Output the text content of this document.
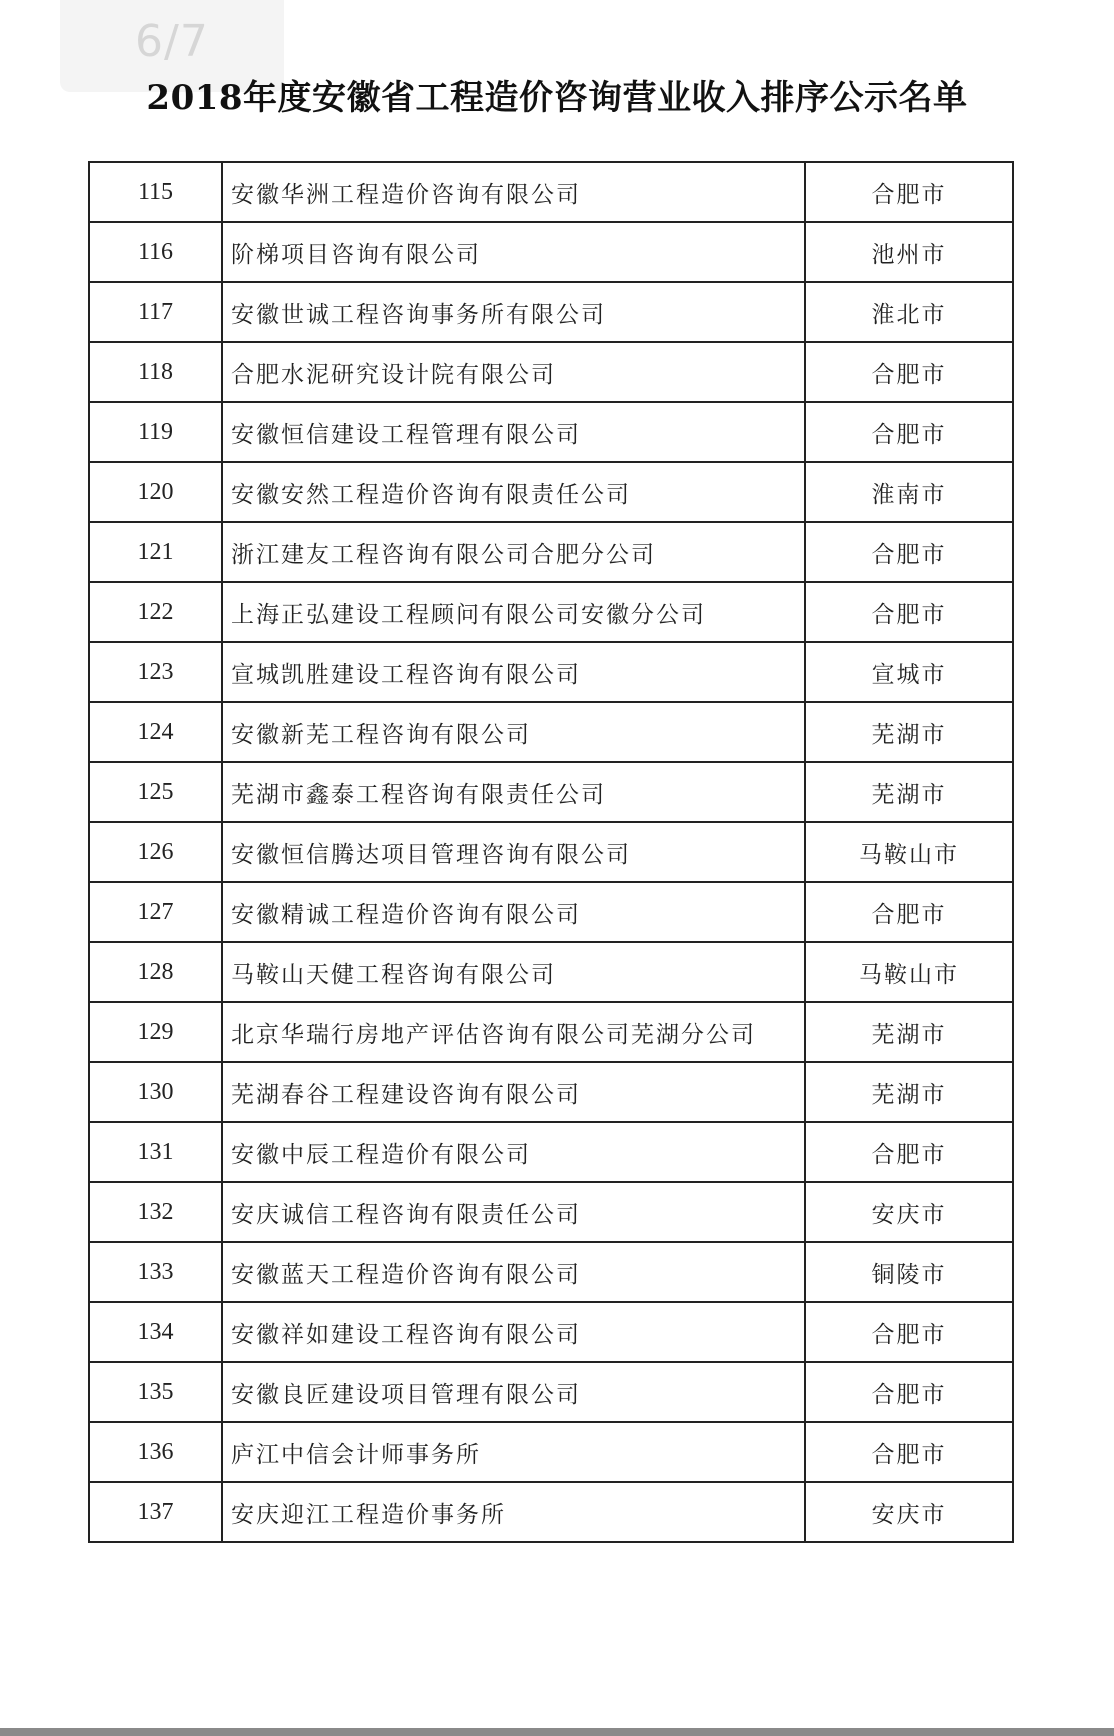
6/7
2018年度安徽省工程造价咨询营业收入排序公示名单
115	安徽华洲工程造价咨询有限公司	合肥市
116	阶梯项目咨询有限公司	池州市
117	安徽世诚工程咨询事务所有限公司	淮北市
118	合肥水泥研究设计院有限公司	合肥市
119	安徽恒信建设工程管理有限公司	合肥市
120	安徽安然工程造价咨询有限责任公司	淮南市
121	浙江建友工程咨询有限公司合肥分公司	合肥市
122	上海正弘建设工程顾问有限公司安徽分公司	合肥市
123	宣城凯胜建设工程咨询有限公司	宣城市
124	安徽新芜工程咨询有限公司	芜湖市
125	芜湖市鑫泰工程咨询有限责任公司	芜湖市
126	安徽恒信腾达项目管理咨询有限公司	马鞍山市
127	安徽精诚工程造价咨询有限公司	合肥市
128	马鞍山天健工程咨询有限公司	马鞍山市
129	北京华瑞行房地产评估咨询有限公司芜湖分公司	芜湖市
130	芜湖春谷工程建设咨询有限公司	芜湖市
131	安徽中辰工程造价有限公司	合肥市
132	安庆诚信工程咨询有限责任公司	安庆市
133	安徽蓝天工程造价咨询有限公司	铜陵市
134	安徽祥如建设工程咨询有限公司	合肥市
135	安徽良匠建设项目管理有限公司	合肥市
136	庐江中信会计师事务所	合肥市
137	安庆迎江工程造价事务所	安庆市
